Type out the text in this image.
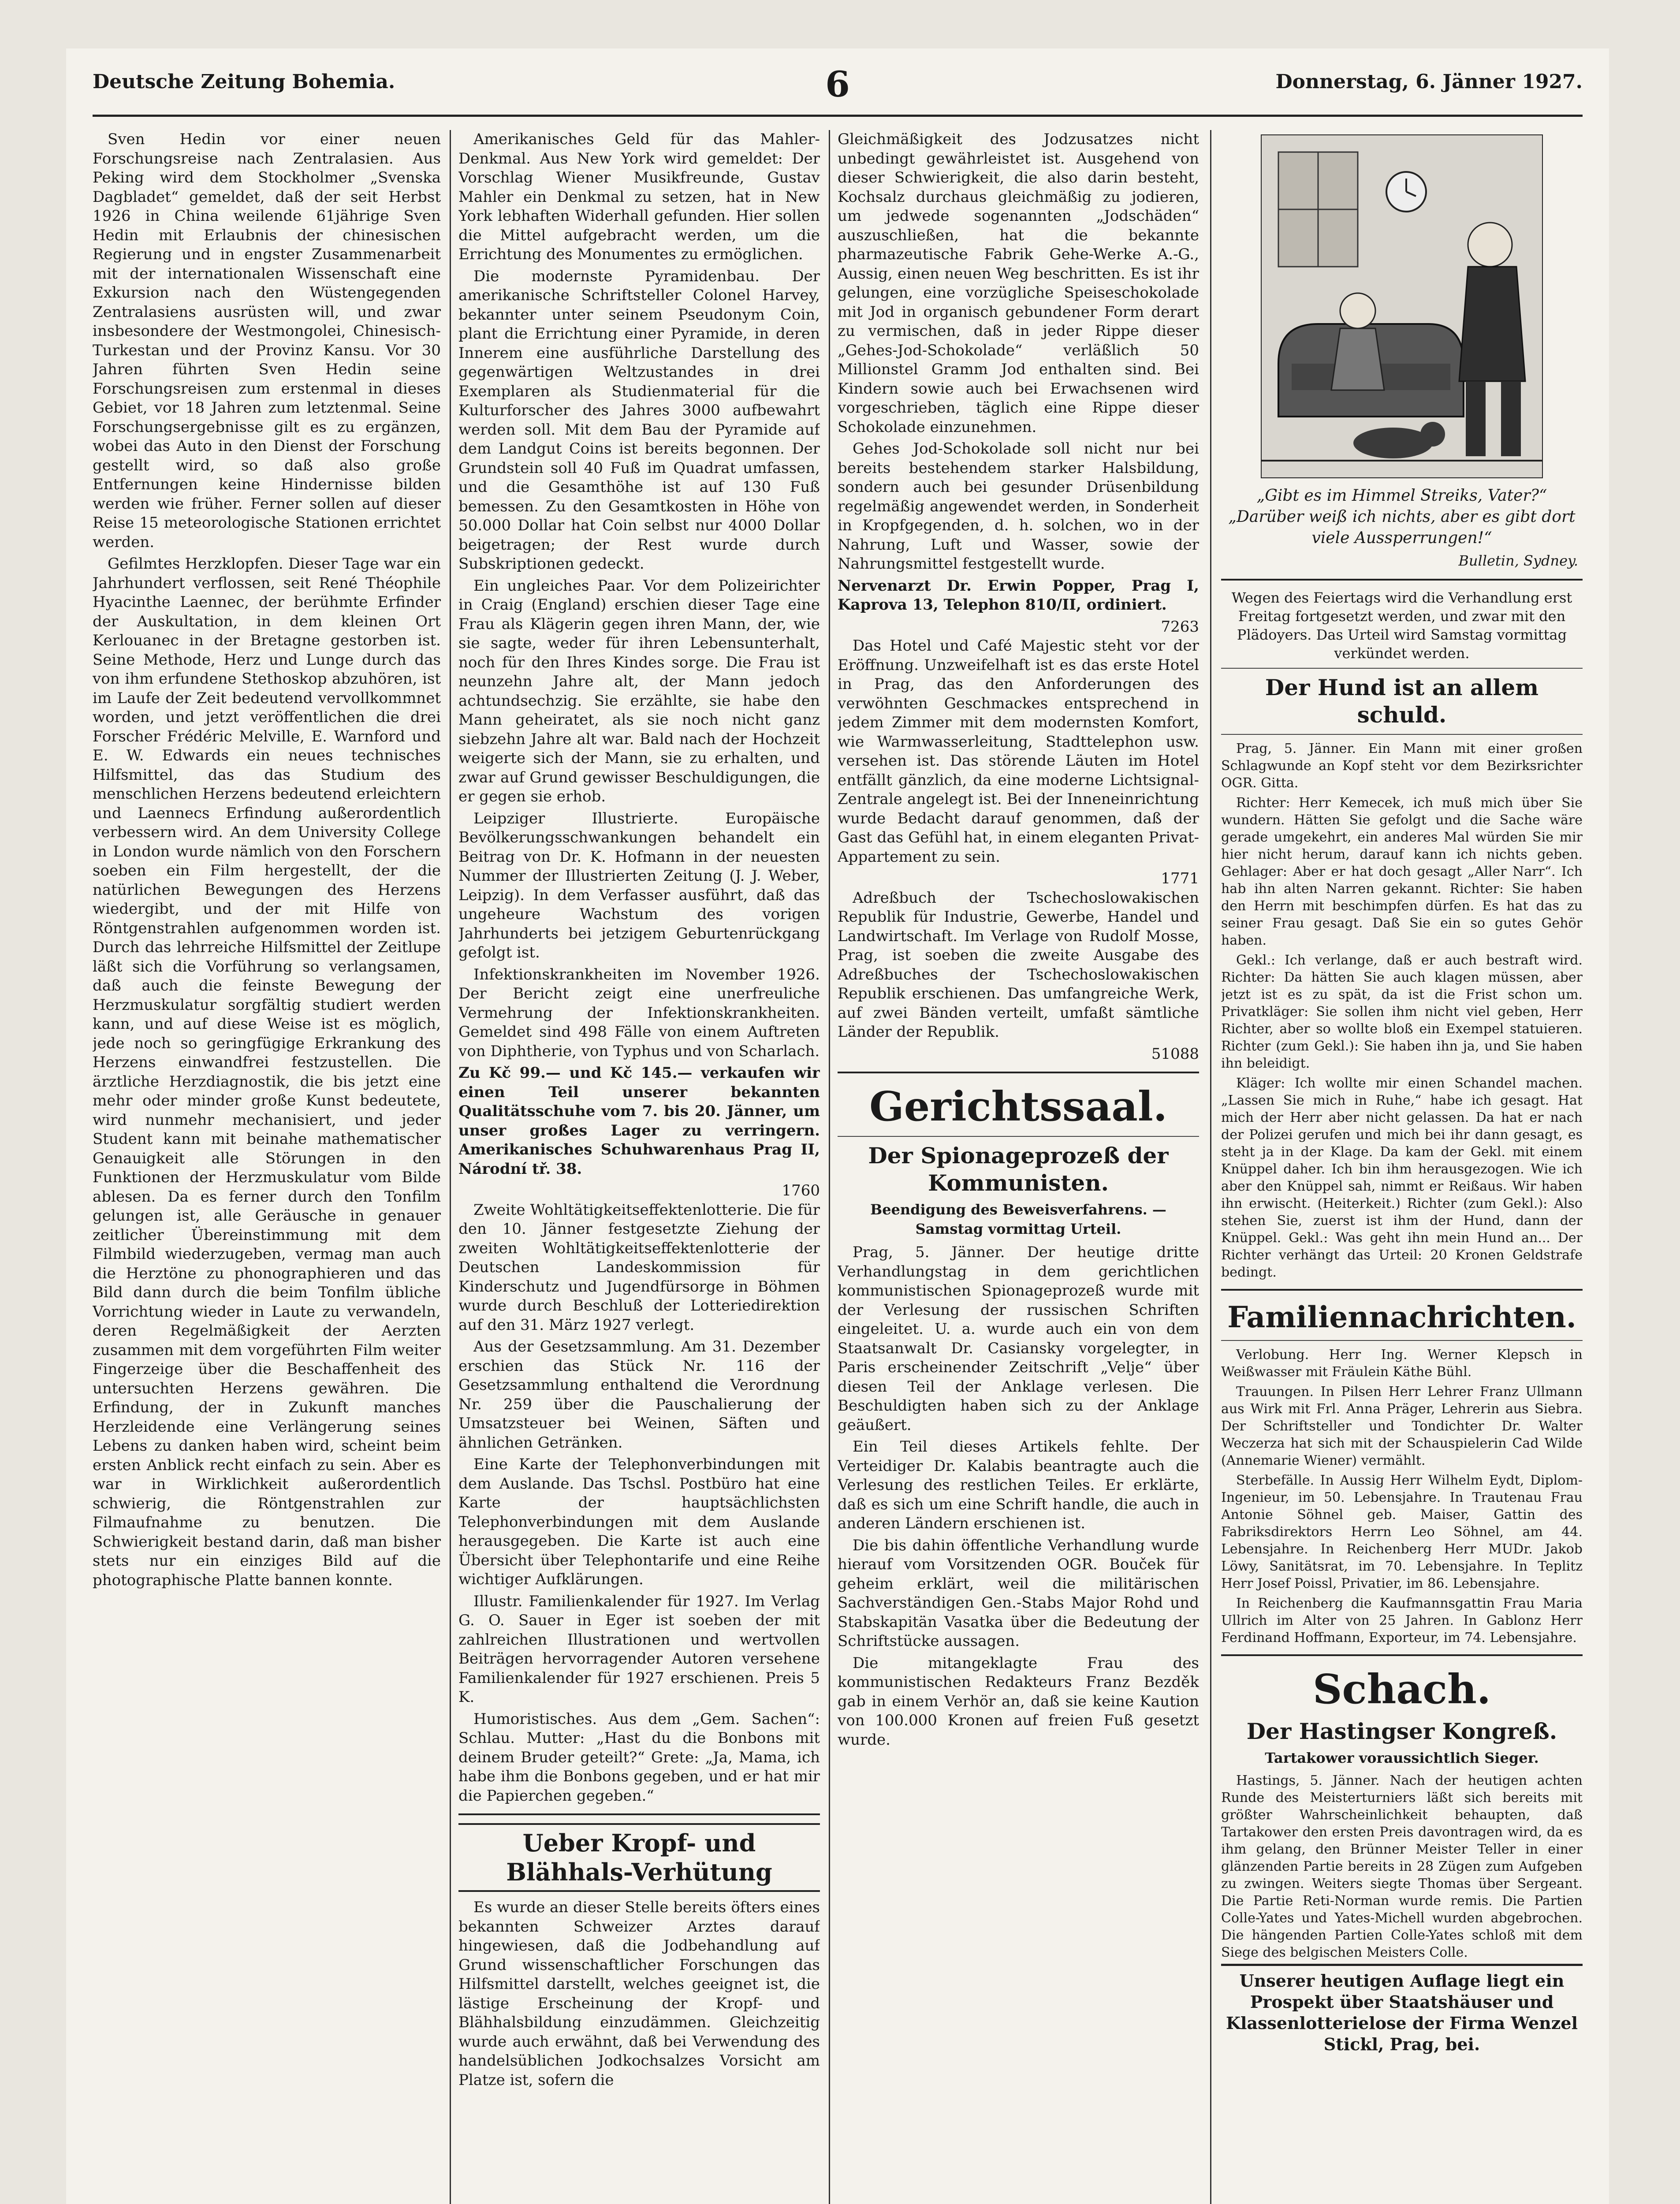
Deutsche Zeitung Bohemia.	6	Donnerstag, 6. Jänner 1927.

Sven Hedin vor einer neuen Forschungsreise nach Zentralasien. Aus Peking wird dem Stockholmer „Svenska Dagbladet“ gemeldet, daß der seit Herbst 1926 in China weilende 61jährige Sven Hedin mit Erlaubnis der chinesischen Regierung und in engster Zusammenarbeit mit der internationalen Wissenschaft eine Exkursion nach den Wüstengegenden Zentralasiens ausrüsten will, und zwar insbesondere der Westmongolei, Chinesisch-Turkestan und der Provinz Kansu. Vor 30 Jahren führten Sven Hedin seine Forschungsreisen zum erstenmal in dieses Gebiet, vor 18 Jahren zum letztenmal. Seine Forschungsergebnisse gilt es zu ergänzen, wobei das Auto in den Dienst der Forschung gestellt wird, so daß also große Entfernungen keine Hindernisse bilden werden wie früher. Ferner sollen auf dieser Reise 15 meteorologische Stationen errichtet werden.

Gefilmtes Herzklopfen. Dieser Tage war ein Jahrhundert verflossen, seit René Théophile Hyacinthe Laennec, der berühmte Erfinder der Auskultation, in dem kleinen Ort Kerlouanec in der Bretagne gestorben ist. Seine Methode, Herz und Lunge durch das von ihm erfundene Stethoskop abzuhören, ist im Laufe der Zeit bedeutend vervollkommnet worden, und jetzt veröffentlichen die drei Forscher Frédéric Melville, E. Warnford und E. W. Edwards ein neues technisches Hilfsmittel, das das Studium des menschlichen Herzens bedeutend erleichtern und Laennecs Erfindung außerordentlich verbessern wird. An dem University College in London wurde nämlich von den Forschern soeben ein Film hergestellt, der die natürlichen Bewegungen des Herzens wiedergibt, und der mit Hilfe von Röntgenstrahlen aufgenommen worden ist. Durch das lehrreiche Hilfsmittel der Zeitlupe läßt sich die Vorführung so verlangsamen, daß auch die feinste Bewegung der Herzmuskulatur sorgfältig studiert werden kann, und auf diese Weise ist es möglich, jede noch so geringfügige Erkrankung des Herzens einwandfrei festzustellen. Die ärztliche Herzdiagnostik, die bis jetzt eine mehr oder minder große Kunst bedeutete, wird nunmehr mechanisiert, und jeder Student kann mit beinahe mathematischer Genauigkeit alle Störungen in den Funktionen der Herzmuskulatur vom Bilde ablesen. Da es ferner durch den Tonfilm gelungen ist, alle Geräusche in genauer zeitlicher Übereinstimmung mit dem Filmbild wiederzugeben, vermag man auch die Herztöne zu phonographieren und das Bild dann durch die beim Tonfilm übliche Vorrichtung wieder in Laute zu verwandeln, deren Regelmäßigkeit der Aerzten zusammen mit dem vorgeführten Film weiter Fingerzeige über die Beschaffenheit des untersuchten Herzens gewähren. Die Erfindung, der in Zukunft manches Herzleidende eine Verlängerung seines Lebens zu danken haben wird, scheint beim ersten Anblick recht einfach zu sein. Aber es war in Wirklichkeit außerordentlich schwierig, die Röntgenstrahlen zur Filmaufnahme zu benutzen. Die Schwierigkeit bestand darin, daß man bisher stets nur ein einziges Bild auf die photographische Platte bannen konnte.

Amerikanisches Geld für das Mahler-Denkmal. Aus New York wird gemeldet: Der Vorschlag Wiener Musikfreunde, Gustav Mahler ein Denkmal zu setzen, hat in New York lebhaften Widerhall gefunden. Hier sollen die Mittel aufgebracht werden, um die Errichtung des Monumentes zu ermöglichen.

Die modernste Pyramidenbau. Der amerikanische Schriftsteller Colonel Harvey, bekannter unter seinem Pseudonym Coin, plant die Errichtung einer Pyramide, in deren Innerem eine ausführliche Darstellung des gegenwärtigen Weltzustandes in drei Exemplaren als Studienmaterial für die Kulturforscher des Jahres 3000 aufbewahrt werden soll. Mit dem Bau der Pyramide auf dem Landgut Coins ist bereits begonnen. Der Grundstein soll 40 Fuß im Quadrat umfassen, und die Gesamthöhe ist auf 130 Fuß bemessen. Zu den Gesamtkosten in Höhe von 50.000 Dollar hat Coin selbst nur 4000 Dollar beigetragen; der Rest wurde durch Subskriptionen gedeckt.

Ein ungleiches Paar. Vor dem Polizeirichter in Craig (England) erschien dieser Tage eine Frau als Klägerin gegen ihren Mann, der, wie sie sagte, weder für ihren Lebensunterhalt, noch für den Ihres Kindes sorge. Die Frau ist neunzehn Jahre alt, der Mann jedoch achtundsechzig. Sie erzählte, sie habe den Mann geheiratet, als sie noch nicht ganz siebzehn Jahre alt war. Bald nach der Hochzeit weigerte sich der Mann, sie zu erhalten, und zwar auf Grund gewisser Beschuldigungen, die er gegen sie erhob.

Leipziger Illustrierte. Europäische Bevölkerungsschwankungen behandelt ein Beitrag von Dr. K. Hofmann in der neuesten Nummer der Illustrierten Zeitung (J. J. Weber, Leipzig). In dem Verfasser ausführt, daß das ungeheure Wachstum des vorigen Jahrhunderts bei jetzigem Geburtenrückgang gefolgt ist.

Infektionskrankheiten im November 1926. Der Bericht zeigt eine unerfreuliche Vermehrung der Infektionskrankheiten. Gemeldet sind 498 Fälle von einem Auftreten von Diphtherie, von Typhus und von Scharlach.

Zu Kč 99.— und Kč 145.— verkaufen wir einen Teil unserer bekannten Qualitätsschuhe vom 7. bis 20. Jänner, um unser großes Lager zu verringern. Amerikanisches Schuhwarenhaus Prag II, Národní tř. 38.

1760

Zweite Wohltätigkeitseffektenlotterie. Die für den 10. Jänner festgesetzte Ziehung der zweiten Wohltätigkeitseffektenlotterie der Deutschen Landeskommission für Kinderschutz und Jugendfürsorge in Böhmen wurde durch Beschluß der Lotteriedirektion auf den 31. März 1927 verlegt.

Aus der Gesetzsammlung. Am 31. Dezember erschien das Stück Nr. 116 der Gesetzsammlung enthaltend die Verordnung Nr. 259 über die Pauschalierung der Umsatzsteuer bei Weinen, Säften und ähnlichen Getränken.

Eine Karte der Telephonverbindungen mit dem Auslande. Das Tschsl. Postbüro hat eine Karte der hauptsächlichsten Telephonverbindungen mit dem Auslande herausgegeben. Die Karte ist auch eine Übersicht über Telephontarife und eine Reihe wichtiger Aufklärungen.

Illustr. Familienkalender für 1927. Im Verlag G. O. Sauer in Eger ist soeben der mit zahlreichen Illustrationen und wertvollen Beiträgen hervorragender Autoren versehene Familienkalender für 1927 erschienen. Preis 5 K.

Humoristisches. Aus dem „Gem. Sachen“: Schlau. Mutter: „Hast du die Bonbons mit deinem Bruder geteilt?“ Grete: „Ja, Mama, ich habe ihm die Bonbons gegeben, und er hat mir die Papierchen gegeben.“

Ueber Kropf- und Blähhals-Verhütung

Es wurde an dieser Stelle bereits öfters eines bekannten Schweizer Arztes darauf hingewiesen, daß die Jodbehandlung auf Grund wissenschaftlicher Forschungen das Hilfsmittel darstellt, welches geeignet ist, die lästige Erscheinung der Kropf- und Blähhalsbildung einzudämmen. Gleichzeitig wurde auch erwähnt, daß bei Verwendung des handelsüblichen Jodkochsalzes Vorsicht am Platze ist, sofern die

Gleichmäßigkeit des Jodzusatzes nicht unbedingt gewährleistet ist. Ausgehend von dieser Schwierigkeit, die also darin besteht, Kochsalz durchaus gleichmäßig zu jodieren, um jedwede sogenannten „Jodschäden“ auszuschließen, hat die bekannte pharmazeutische Fabrik Gehe-Werke A.-G., Aussig, einen neuen Weg beschritten. Es ist ihr gelungen, eine vorzügliche Speiseschokolade mit Jod in organisch gebundener Form derart zu vermischen, daß in jeder Rippe dieser „Gehes-Jod-Schokolade“ verläßlich 50 Millionstel Gramm Jod enthalten sind. Bei Kindern sowie auch bei Erwachsenen wird vorgeschrieben, täglich eine Rippe dieser Schokolade einzunehmen.

Gehes Jod-Schokolade soll nicht nur bei bereits bestehendem starker Halsbildung, sondern auch bei gesunder Drüsenbildung regelmäßig angewendet werden, in Sonderheit in Kropfgegenden, d. h. solchen, wo in der Nahrung, Luft und Wasser, sowie der Nahrungsmittel festgestellt wurde.

Nervenarzt Dr. Erwin Popper, Prag I, Kaprova 13, Telephon 810/II, ordiniert.

7263

Das Hotel und Café Majestic steht vor der Eröffnung. Unzweifelhaft ist es das erste Hotel in Prag, das den Anforderungen des verwöhnten Geschmackes entsprechend in jedem Zimmer mit dem modernsten Komfort, wie Warmwasserleitung, Stadttelephon usw. versehen ist. Das störende Läuten im Hotel entfällt gänzlich, da eine moderne Lichtsignal-Zentrale angelegt ist. Bei der Inneneinrichtung wurde Bedacht darauf genommen, daß der Gast das Gefühl hat, in einem eleganten Privat-Appartement zu sein.

1771

Adreßbuch der Tschechoslowakischen Republik für Industrie, Gewerbe, Handel und Landwirtschaft. Im Verlage von Rudolf Mosse, Prag, ist soeben die zweite Ausgabe des Adreßbuches der Tschechoslowakischen Republik erschienen. Das umfangreiche Werk, auf zwei Bänden verteilt, umfaßt sämtliche Länder der Republik.

51088
Gerichtssaal.
Der Spionageprozeß der Kommunisten.
Beendigung des Beweisverfahrens. — Samstag vormittag Urteil.

Prag, 5. Jänner. Der heutige dritte Verhandlungstag in dem gerichtlichen kommunistischen Spionageprozeß wurde mit der Verlesung der russischen Schriften eingeleitet. U. a. wurde auch ein von dem Staatsanwalt Dr. Casiansky vorgelegter, in Paris erscheinender Zeitschrift „Velje“ über diesen Teil der Anklage verlesen. Die Beschuldigten haben sich zu der Anklage geäußert.

Ein Teil dieses Artikels fehlte. Der Verteidiger Dr. Kalabis beantragte auch die Verlesung des restlichen Teiles. Er erklärte, daß es sich um eine Schrift handle, die auch in anderen Ländern erschienen ist.

Die bis dahin öffentliche Verhandlung wurde hierauf vom Vorsitzenden OGR. Bouček für geheim erklärt, weil die militärischen Sachverständigen Gen.-Stabs Major Rohd und Stabskapitän Vasatka über die Bedeutung der Schriftstücke aussagen.

Die mitangeklagte Frau des kommunistischen Redakteurs Franz Bezděk gab in einem Verhör an, daß sie keine Kaution von 100.000 Kronen auf freien Fuß gesetzt wurde.

„Gibt es im Himmel Streiks, Vater?“ „Darüber weiß ich nichts, aber es gibt dort viele Aussperrungen!“
Bulletin, Sydney.
Wegen des Feiertags wird die Verhandlung erst Freitag fortgesetzt werden, und zwar mit den Plädoyers. Das Urteil wird Samstag vormittag verkündet werden.
Der Hund ist an allem schuld.

Prag, 5. Jänner. Ein Mann mit einer großen Schlagwunde an Kopf steht vor dem Bezirksrichter OGR. Gitta.

Richter: Herr Kemecek, ich muß mich über Sie wundern. Hätten Sie gefolgt und die Sache wäre gerade umgekehrt, ein anderes Mal würden Sie mir hier nicht herum, darauf kann ich nichts geben. Gehlager: Aber er hat doch gesagt „Aller Narr“. Ich hab ihn alten Narren gekannt. Richter: Sie haben den Herrn mit beschimpfen dürfen. Es hat das zu seiner Frau gesagt. Daß Sie ein so gutes Gehör haben.

Gekl.: Ich verlange, daß er auch bestraft wird. Richter: Da hätten Sie auch klagen müssen, aber jetzt ist es zu spät, da ist die Frist schon um. Privatkläger: Sie sollen ihm nicht viel geben, Herr Richter, aber so wollte bloß ein Exempel statuieren. Richter (zum Gekl.): Sie haben ihn ja, und Sie haben ihn beleidigt.

Kläger: Ich wollte mir einen Schandel machen. „Lassen Sie mich in Ruhe,“ habe ich gesagt. Hat mich der Herr aber nicht gelassen. Da hat er nach der Polizei gerufen und mich bei ihr dann gesagt, es steht ja in der Klage. Da kam der Gekl. mit einem Knüppel daher. Ich bin ihm herausgezogen. Wie ich aber den Knüppel sah, nimmt er Reißaus. Wir haben ihn erwischt. (Heiterkeit.) Richter (zum Gekl.): Also stehen Sie, zuerst ist ihm der Hund, dann der Knüppel. Gekl.: Was geht ihn mein Hund an... Der Richter verhängt das Urteil: 20 Kronen Geldstrafe bedingt.

Familiennachrichten.

Verlobung. Herr Ing. Werner Klepsch in Weißwasser mit Fräulein Käthe Bühl.

Trauungen. In Pilsen Herr Lehrer Franz Ullmann aus Wirk mit Frl. Anna Präger, Lehrerin aus Siebra. Der Schriftsteller und Tondichter Dr. Walter Weczerza hat sich mit der Schauspielerin Cad Wilde (Annemarie Wiener) vermählt.

Sterbefälle. In Aussig Herr Wilhelm Eydt, Diplom-Ingenieur, im 50. Lebensjahre. In Trautenau Frau Antonie Söhnel geb. Maiser, Gattin des Fabriksdirektors Herrn Leo Söhnel, am 44. Lebensjahre. In Reichenberg Herr MUDr. Jakob Löwy, Sanitätsrat, im 70. Lebensjahre. In Teplitz Herr Josef Poissl, Privatier, im 86. Lebensjahre.

In Reichenberg die Kaufmannsgattin Frau Maria Ullrich im Alter von 25 Jahren. In Gablonz Herr Ferdinand Hoffmann, Exporteur, im 74. Lebensjahre.

Schach.
Der Hastingser Kongreß.
Tartakower voraussichtlich Sieger.

Hastings, 5. Jänner. Nach der heutigen achten Runde des Meisterturniers läßt sich bereits mit größter Wahrscheinlichkeit behaupten, daß Tartakower den ersten Preis davontragen wird, da es ihm gelang, den Brünner Meister Teller in einer glänzenden Partie bereits in 28 Zügen zum Aufgeben zu zwingen. Weiters siegte Thomas über Sergeant. Die Partie Reti-Norman wurde remis. Die Partien Colle-Yates und Yates-Michell wurden abgebrochen. Die hängenden Partien Colle-Yates schloß mit dem Siege des belgischen Meisters Colle.

Unserer heutigen Auflage liegt ein Prospekt über Staatshäuser und Klassenlotterielose der Firma Wenzel Stickl, Prag, bei.
